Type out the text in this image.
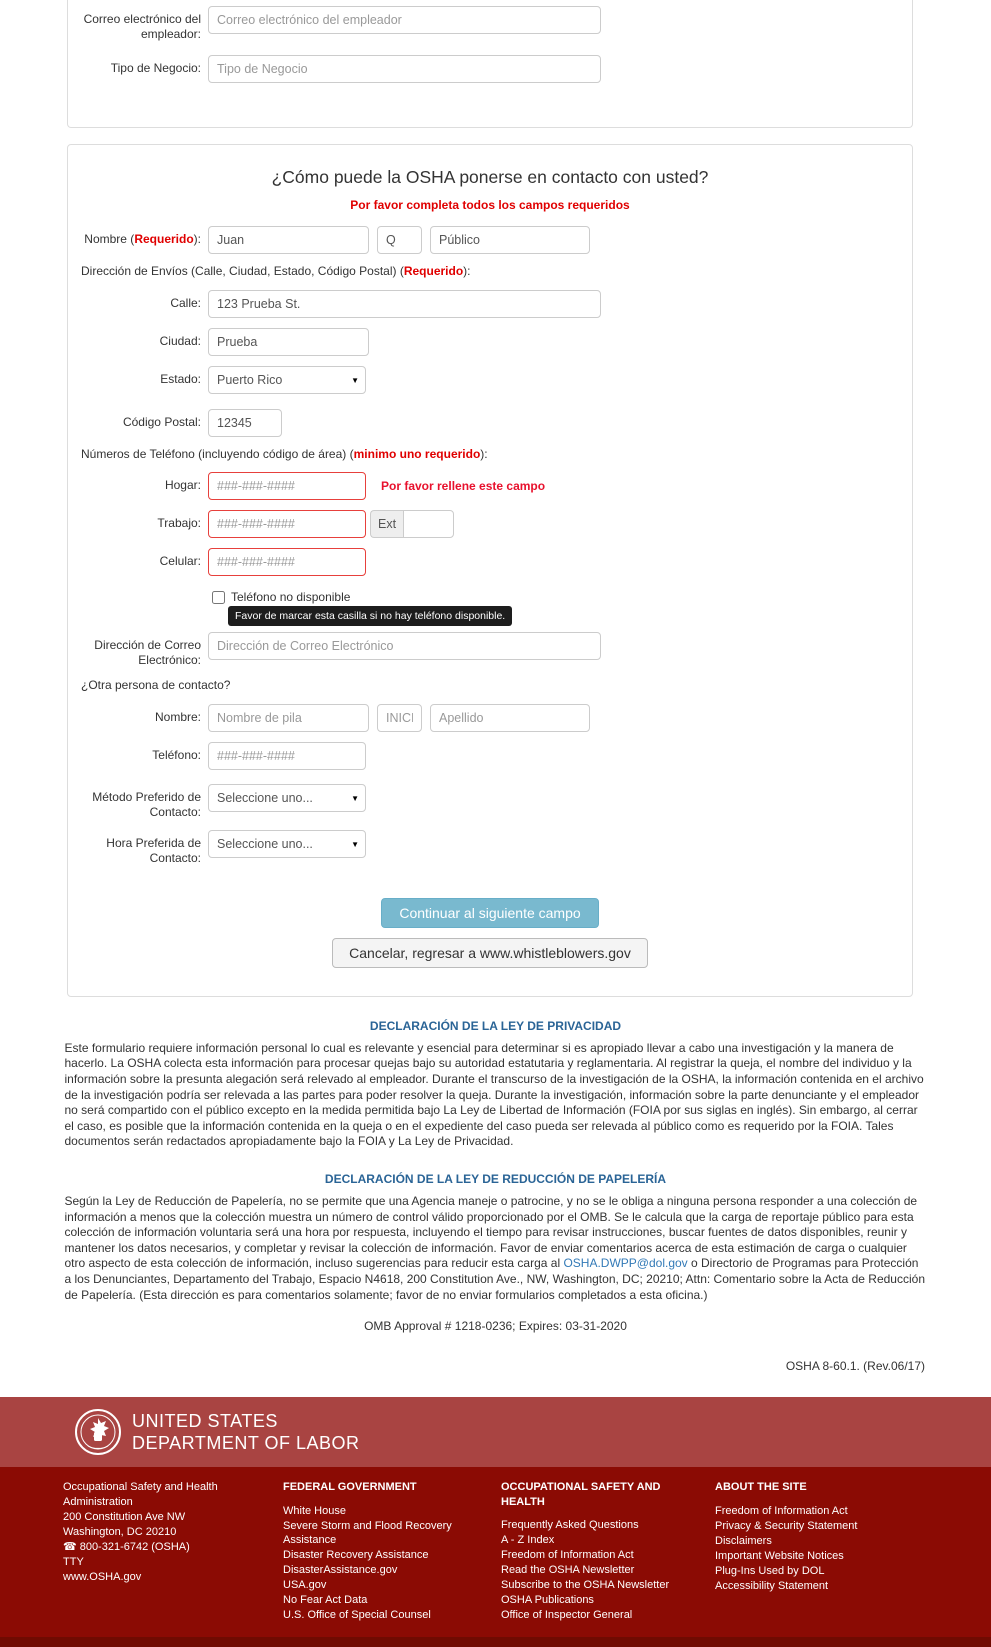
Correo electrónico del empleador:
Correo electrónico del empleador
Tipo de Negocio:
Tipo de Negocio
¿Cómo puede la OSHA ponerse en contacto con usted?
Por favor completa todos los campos requeridos
Nombre (Requerido):
Juan
Q
Público
Dirección de Envíos (Calle, Ciudad, Estado, Código Postal) (Requerido):
Calle:
123 Prueba St.
Ciudad:
Prueba
Estado:
Puerto Rico	▼
Código Postal:
12345
Números de Teléfono (incluyendo código de área) (minimo uno requerido):
Hogar:
###-###-####	Por favor rellene este campo
Trabajo:
###-###-####	Ext
Celular:
###-###-####
Teléfono no disponible
Favor de marcar esta casilla si no hay teléfono disponible.
Dirección de Correo Electrónico:
Dirección de Correo Electrónico
¿Otra persona de contacto?
Nombre:
Nombre de pila
INICIAL
Apellido
Teléfono:
###-###-####
Método Preferido de Contacto:
Seleccione uno...
▼
Hora Preferida de Contacto:
Seleccione uno...
▼
Continuar al siguiente campo
Cancelar, regresar a www.whistleblowers.gov
DECLARACIÓN DE LA LEY DE PRIVACIDAD
Este formulario requiere información personal lo cual es relevante y esencial para determinar si es apropiado llevar a cabo una investigación y la manera de hacerlo. La OSHA colecta esta información para procesar quejas bajo su autoridad estatutaria y reglamentaria. Al registrar la queja, el nombre del individuo y la información sobre la presunta alegación será relevado al empleador. Durante el transcurso de la investigación de la OSHA, la información contenida en el archivo de la investigación podría ser relevada a las partes para poder resolver la queja. Durante la investigación, información sobre la parte denunciante y el empleador no será compartido con el público excepto en la medida permitida bajo La Ley de Libertad de Información (FOIA por sus siglas en inglés). Sin embargo, al cerrar el caso, es posible que la información contenida en la queja o en el expediente del caso pueda ser relevada al público como es requerido por la FOIA. Tales documentos serán redactados apropiadamente bajo la FOIA y La Ley de Privacidad.
DECLARACIÓN DE LA LEY DE REDUCCIÓN DE PAPELERÍA
Según la Ley de Reducción de Papelería, no se permite que una Agencia maneje o patrocine, y no se le obliga a ninguna persona responder a una colección de información a menos que la colección muestra un número de control válido proporcionado por el OMB. Se le calcula que la carga de reportaje público para esta colección de información voluntaria será una hora por respuesta, incluyendo el tiempo para revisar instrucciones, buscar fuentes de datos disponibles, reunir y mantener los datos necesarios, y completar y revisar la colección de información. Favor de enviar comentarios acerca de esta estimación de carga o cualquier otro aspecto de esta colección de información, incluso sugerencias para reducir esta carga al OSHA.DWPP@dol.gov o Directorio de Programas para Protección a los Denunciantes, Departamento del Trabajo, Espacio N4618, 200 Constitution Ave., NW, Washington, DC; 20210; Attn: Comentario sobre la Acta de Reducción de Papelería. (Esta dirección es para comentarios solamente; favor de no enviar formularios completados a esta oficina.)
OMB Approval # 1218-0236; Expires: 03-31-2020
OSHA 8-60.1. (Rev.06/17)
UNITED STATES
DEPARTMENT OF LABOR
Occupational Safety and Health Administration
200 Constitution Ave NW
Washington, DC 20210
☎ 800-321-6742 (OSHA)
TTY
www.OSHA.gov
FEDERAL GOVERNMENT
White House
Severe Storm and Flood Recovery Assistance
Disaster Recovery Assistance
DisasterAssistance.gov
USA.gov
No Fear Act Data
U.S. Office of Special Counsel
OCCUPATIONAL SAFETY AND HEALTH
Frequently Asked Questions
A - Z Index
Freedom of Information Act
Read the OSHA Newsletter
Subscribe to the OSHA Newsletter
OSHA Publications
Office of Inspector General
ABOUT THE SITE
Freedom of Information Act
Privacy & Security Statement
Disclaimers
Important Website Notices
Plug-Ins Used by DOL
Accessibility Statement
